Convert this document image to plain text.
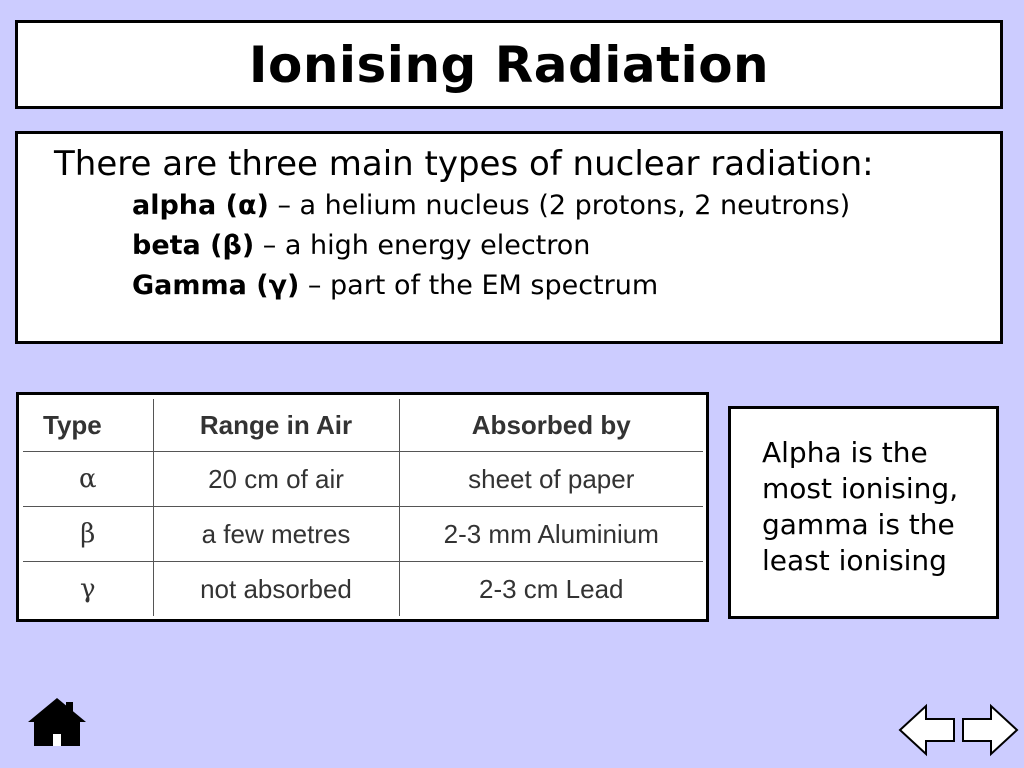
Ionising Radiation

There are three main types of nuclear radiation:

alpha (α) – a helium nucleus (2 protons, 2 neutrons)
beta (β) – a high energy electron
Gamma (γ) – part of the EM spectrum
Type	Range in Air	Absorbed by
α	20 cm of air	sheet of paper
β	a few metres	2-3 mm Aluminium
γ	not absorbed	2-3 cm Lead

Alpha is the
most ionising,
gamma is the
least ionising
